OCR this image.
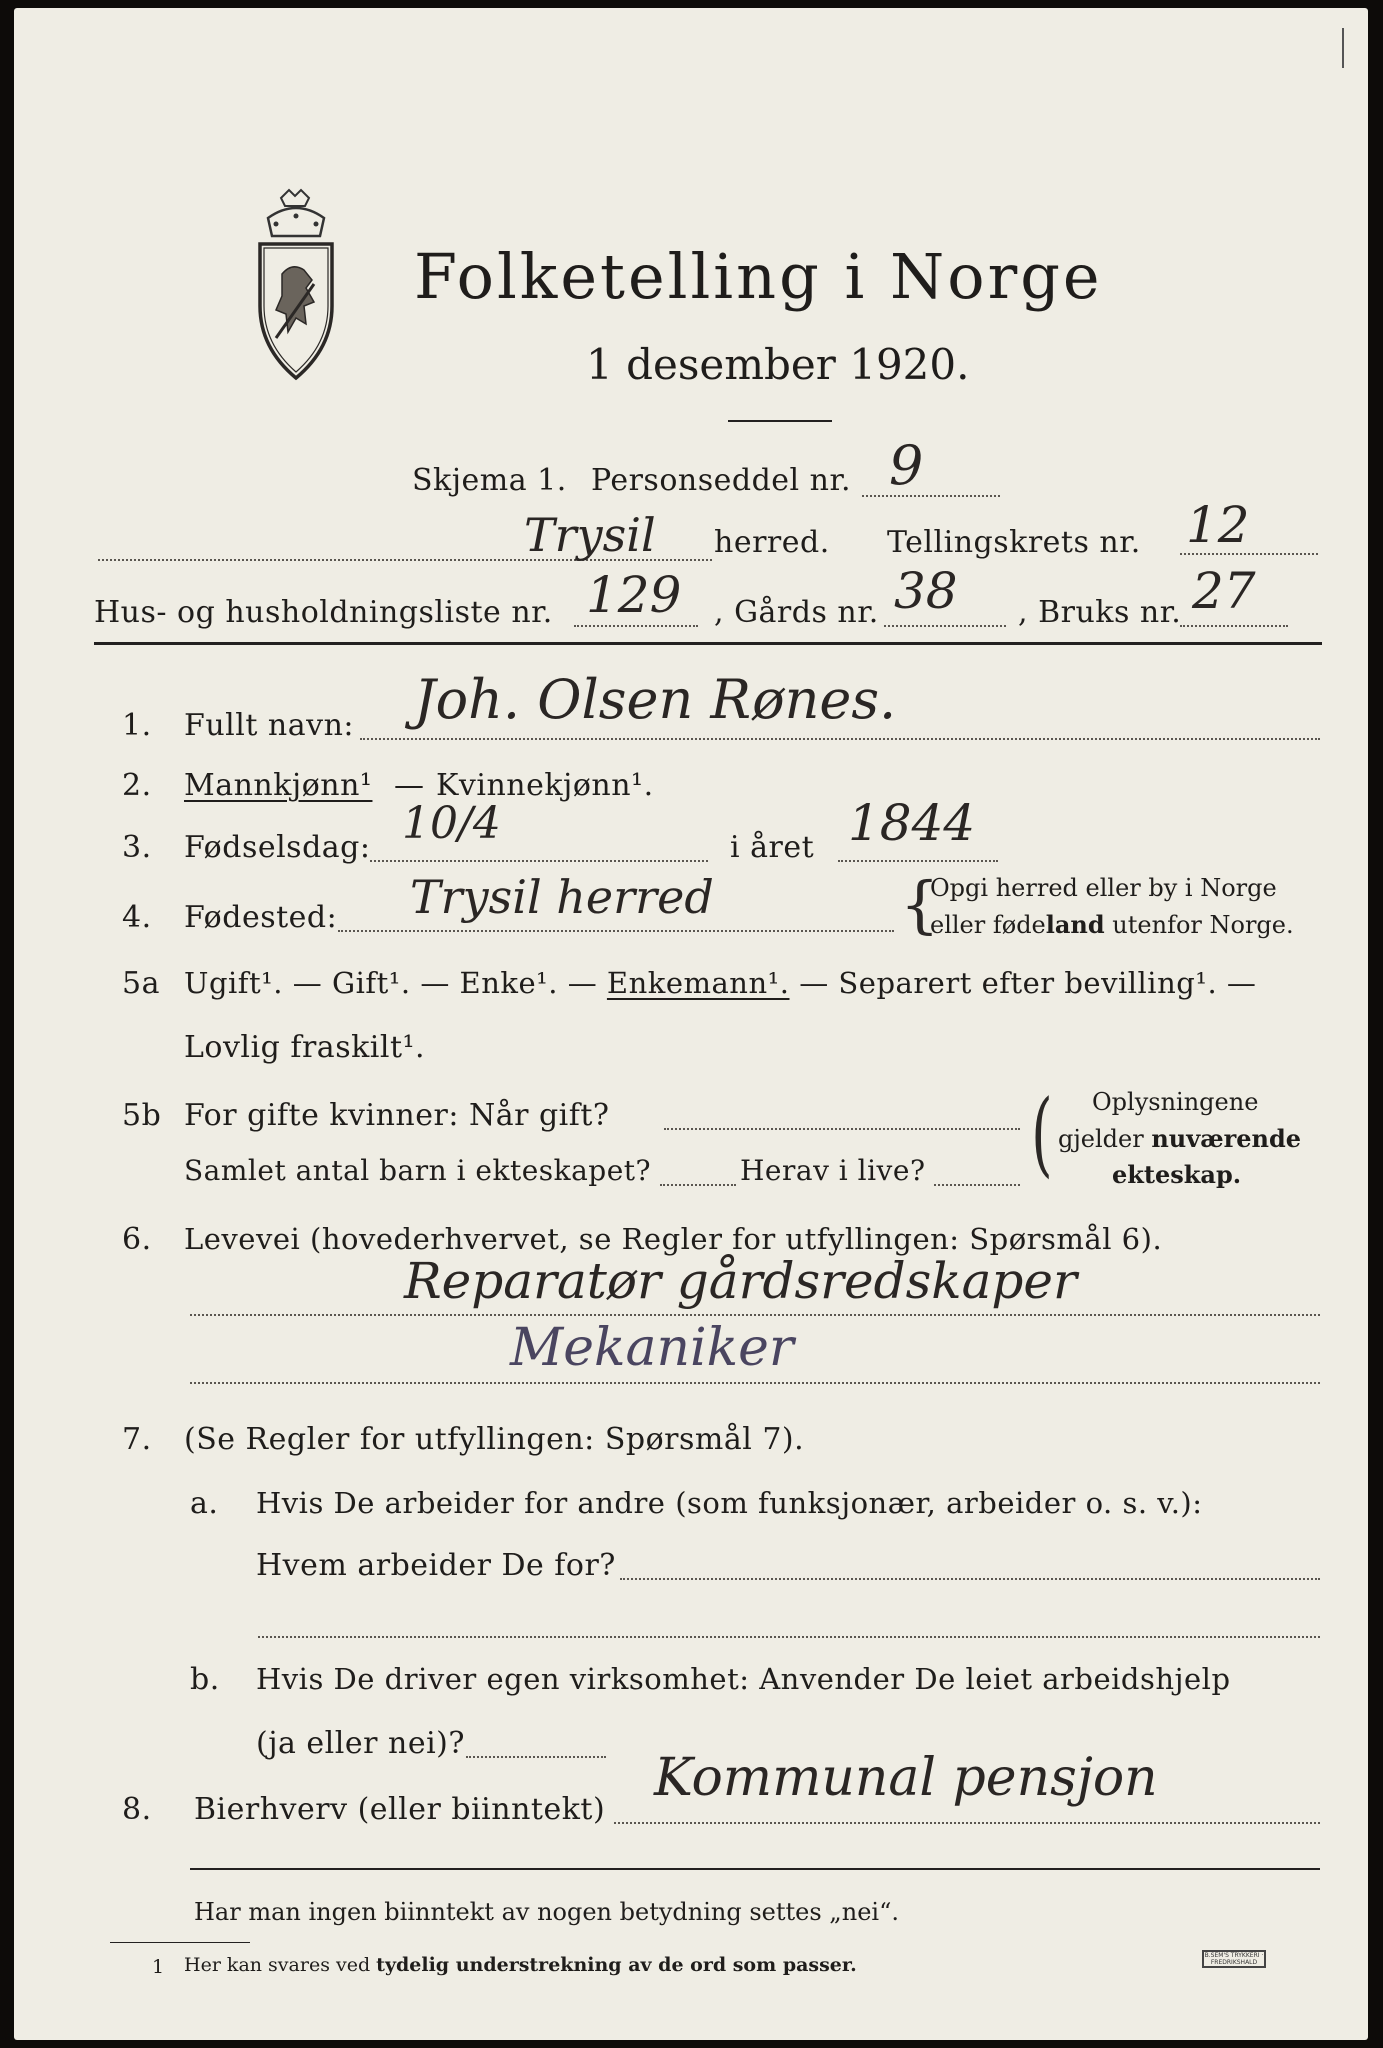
Folketelling i Norge
1 desember 1920.
Skjema 1. Personseddel nr. 9
Trysil herred. Tellingskrets nr. 12
Hus- og husholdningsliste nr. 129 , Gårds nr. 38 , Bruks nr. 27
1. Fullt navn: Joh. Olsen Rønes.
2. Mannkjønn¹ — Kvinnekjønn¹.
3. Fødselsdag: 10/4	i året 1844
4. Fødested: Trysil herred	{
Opgi herred eller by i Norge
eller fødeland utenfor Norge.
5a Ugift¹. — Gift¹. — Enke¹. — Enkemann¹. — Separert efter bevilling¹. —
Lovlig fraskilt¹.
5b For gifte kvinner: Når gift?
Samlet antal barn i ekteskapet?	Herav i live? ( Oplysningene
gjelder nuværende
ekteskap.
6. Levevei (hovederhvervet, se Regler for utfyllingen: Spørsmål 6).
Reparatør gårdsredskaper
Mekaniker
7. (Se Regler for utfyllingen: Spørsmål 7).
a. Hvis De arbeider for andre (som funksjonær, arbeider o. s. v.):
Hvem arbeider De for?
b. Hvis De driver egen virksomhet: Anvender De leiet arbeidshjelp
(ja eller nei)?
8. Bierhverv (eller biinntekt)
Kommunal pensjon
Har man ingen biinntekt av nogen betydning settes „nei“.
1 Her kan svares ved tydelig understrekning av de ord som passer.	B.SEM'S TRYKKERI · FREDRIKSHALD
